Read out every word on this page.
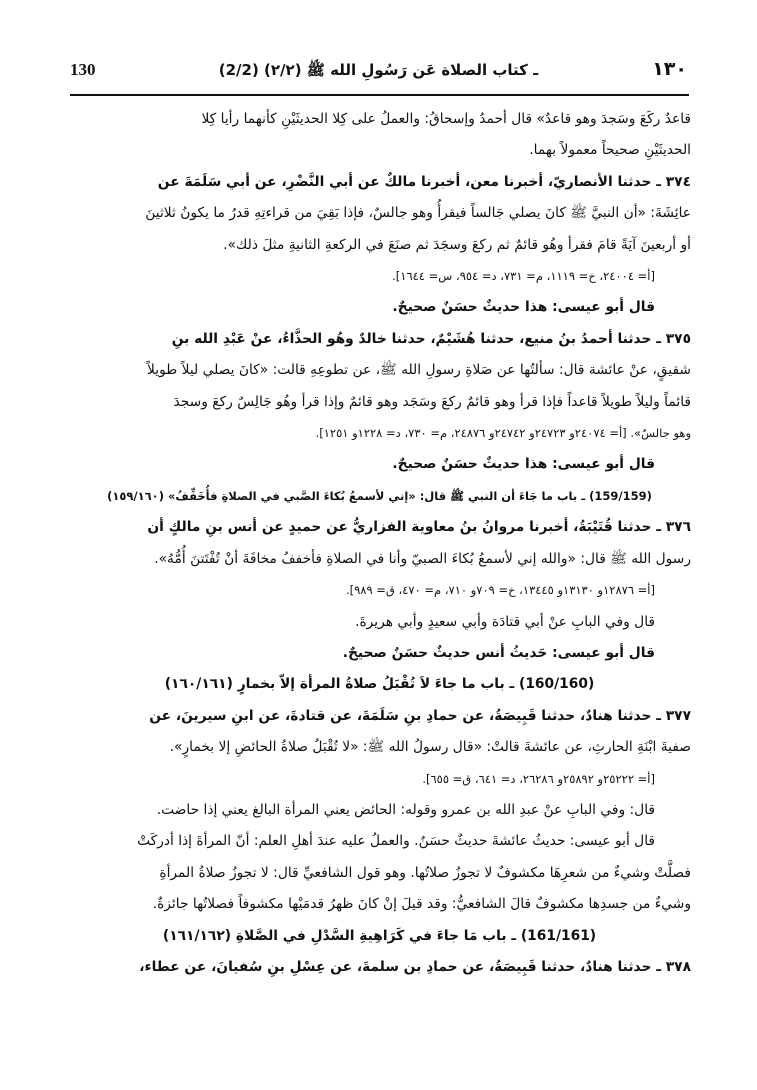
130	(2/2) ـ كتاب الصلاة عَن رَسُولِ الله ﷺ (٢/٢)	١٣٠

قاعدٌ ركَعَ وسَجدَ وهو قاعدٌ» قال أحمدُ وإسحاقُ: والعملُ على كِلا الحديثَيْنِ كأنهما رأيا كِلا

الحديثَيْنِ صحيحاً معمولاً بهما.

٣٧٤ ـ حدثنا الأنصاريّ، أخبرنا معن، أخبرنا مالكٌ عن أبي النَّضْرِ، عن أبي سَلَمَةَ عن

عائِشَةَ: «أن النبيَّ ﷺ كانَ يصلي جَالساً فيقرأُ وهو جالسٌ، فإذا بَقِيَ من قراءتِهِ قدرُ ما يكونُ ثلاثينَ

أو أربعينَ آيَةً قامَ فقرأ وهُو قائمٌ ثم ركعَ وسجَدَ ثم صنَعَ في الركعةِ الثانيةِ مثلَ ذلك».

[أ= ٢٤٠٠٤، خ= ١١١٩، م= ٧٣١، د= ٩٥٤، س= ١٦٤٤].

قال أبو عيسى: هذا حديثٌ حسَنٌ صحيحٌ.

٣٧٥ ـ حدثنا أحمدُ بنُ منيع، حدثنا هُشَيْمٌ، حدثنا خالدٌ وهُو الحذَّاءُ، عنْ عَبْدِ الله بنِ

شقيقٍ، عنْ عائشة قال: سألتُها عن صَلاةِ رسولِ الله ﷺ، عن تطوعِهِ قالت: «كانَ يصلي ليلاً طويلاً

قائماً وليلاً طويلاً قاعداً فإذا قرأ وهو قائمٌ ركعَ وسَجَد وهو قائمٌ وإذا قرأ وهُو جَالِسٌ ركعَ وسجدَ

وهو جالسٌ». [أ= ٢٤٠٧٤و ٢٤٧٢٣و ٢٤٧٤٢و ٢٤٨٧٦، م= ٧٣٠، د= ١٢٢٨و ١٢٥١].

قال أبو عيسى: هذا حديثٌ حسَنٌ صحيحٌ.

(159/159) ـ باب ما جَاءَ أن النبي ﷺ قال: «إني لأسمعُ بُكاءَ الصَّبي في الصلاةِ فأُخَفِّفُ» (١٥٩/١٦٠)

٣٧٦ ـ حدثنا قُتَيْبَةُ، أخبرنا مروانُ بنُ معاوية الفزاريُّ عن حميدٍ عن أنس بنِ مالكٍ أن

رسول الله ﷺ قال: «والله إني لأسمعُ بُكاءَ الصبيّ وأنا في الصلاةِ فأخففُ مخافَةَ أنْ تُفْتَتنَ أُمُّهُ».

[أ= ١٢٨٧٦و ١٣١٣٠و ١٣٤٤٥، خ= ٧٠٩و ٧١٠، م= ٤٧٠، ق= ٩٨٩].

قال وفي البابِ عنْ أبي قتادَة وأبي سعيدٍ وأبي هريرةَ.

قال أبو عيسى: حَديثُ أنس حديثٌ حسَنٌ صحيحٌ.

(160/160) ـ باب ما جاءَ لاَ تُقْبَلُ صلاةُ المرأة إلاّ بخمارٍ (١٦٠/١٦١)

٣٧٧ ـ حدثنا هنادٌ، حدثنا قَبِيصَةُ، عن حمادِ بنِ سَلَمَةَ، عن قتادةَ، عن ابنِ سيرينَ، عن

صفيةَ ابْنَةِ الحارثِ، عن عائشةَ قالتْ: «قال رسولُ الله ﷺ: «لا تُقْبَلُ صلاةُ الحائضِ إلا بخمارٍ».

[أ= ٢٥٢٢٢و ٢٥٨٩٢و ٢٦٢٨٦، د= ٦٤١، ق= ٦٥٥].

قال: وفي البابِ عنْ عبدِ الله بن عمرو وقوله: الحائض يعني المرأة البالغ يعني إذا حاضت.

قال أبو عيسى: حديثُ عائشةَ حديثٌ حسَنٌ. والعملُ عليه عندَ أهلِ العلم: أنّ المرأةَ إذا أدركَتْ

فصلَّتْ وشيءٌ من شعرِهَا مكشوفٌ لا تجوزُ صلاتُها. وهو قول الشافعيِّ قال: لا تجوزُ صلاةُ المرأةِ

وشيءٌ من جسدِها مكشوفٌ قالَ الشافعيُّ: وقد قيلَ إنْ كانَ ظهرُ قدمَيْها مكشوفاً فصلاتُها جائزةٌ.

(161/161) ـ باب مَا جاءَ في كَرَاهِيةِ السَّدْلِ في الصَّلاةِ (١٦١/١٦٢)

٣٧٨ ـ حدثنا هنادٌ، حدثنا قَبِيصَةُ، عن حمادِ بن سلمةَ، عن عِسْلِ بنِ سُفيانَ، عن عطاء،
